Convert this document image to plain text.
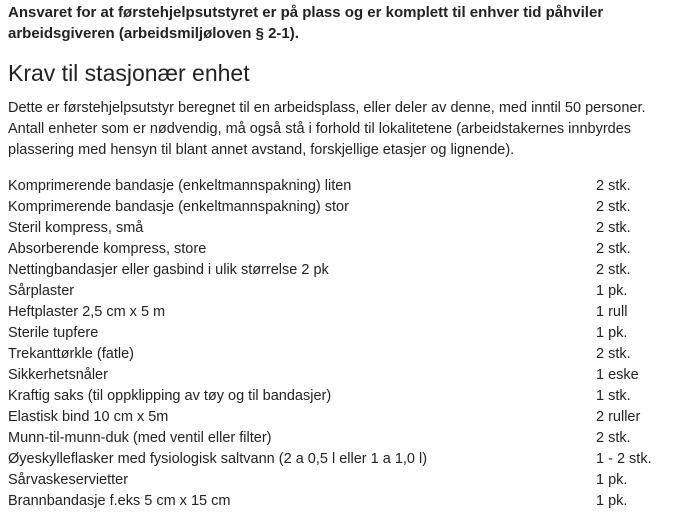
Ansvaret for at førstehjelpsutstyret er på plass og er komplett til enhver tid påhviler arbeidsgiveren (arbeidsmiljøloven § 2-1).

Krav til stasjonær enhet

Dette er førstehjelpsutstyr beregnet til en arbeidsplass, eller deler av denne, med inntil 50 personer. Antall enheter som er nødvendig, må også stå i forhold til lokalitetene (arbeidstakernes innbyrdes plassering med hensyn til blant annet avstand, forskjellige etasjer og lignende).

Komprimerende bandasje (enkeltmannspakning) liten	2 stk.
Komprimerende bandasje (enkeltmannspakning) stor	2 stk.
Steril kompress, små	2 stk.
Absorberende kompress, store	2 stk.
Nettingbandasjer eller gasbind i ulik størrelse 2 pk	2 stk.
Sårplaster	1 pk.
Heftplaster 2,5 cm x 5 m	1 rull
Sterile tupfere	1 pk.
Trekanttørkle (fatle)	2 stk.
Sikkerhetsnåler	1 eske
Kraftig saks (til oppklipping av tøy og til bandasjer)	1 stk.
Elastisk bind 10 cm x 5m	2 ruller
Munn-til-munn-duk (med ventil eller filter)	2 stk.
Øyeskylleflasker med fysiologisk saltvann (2 a 0,5 l eller 1 a 1,0 l)	1 - 2 stk.
Sårvaskeservietter	1 pk.
Brannbandasje f.eks 5 cm x 15 cm	1 pk.
